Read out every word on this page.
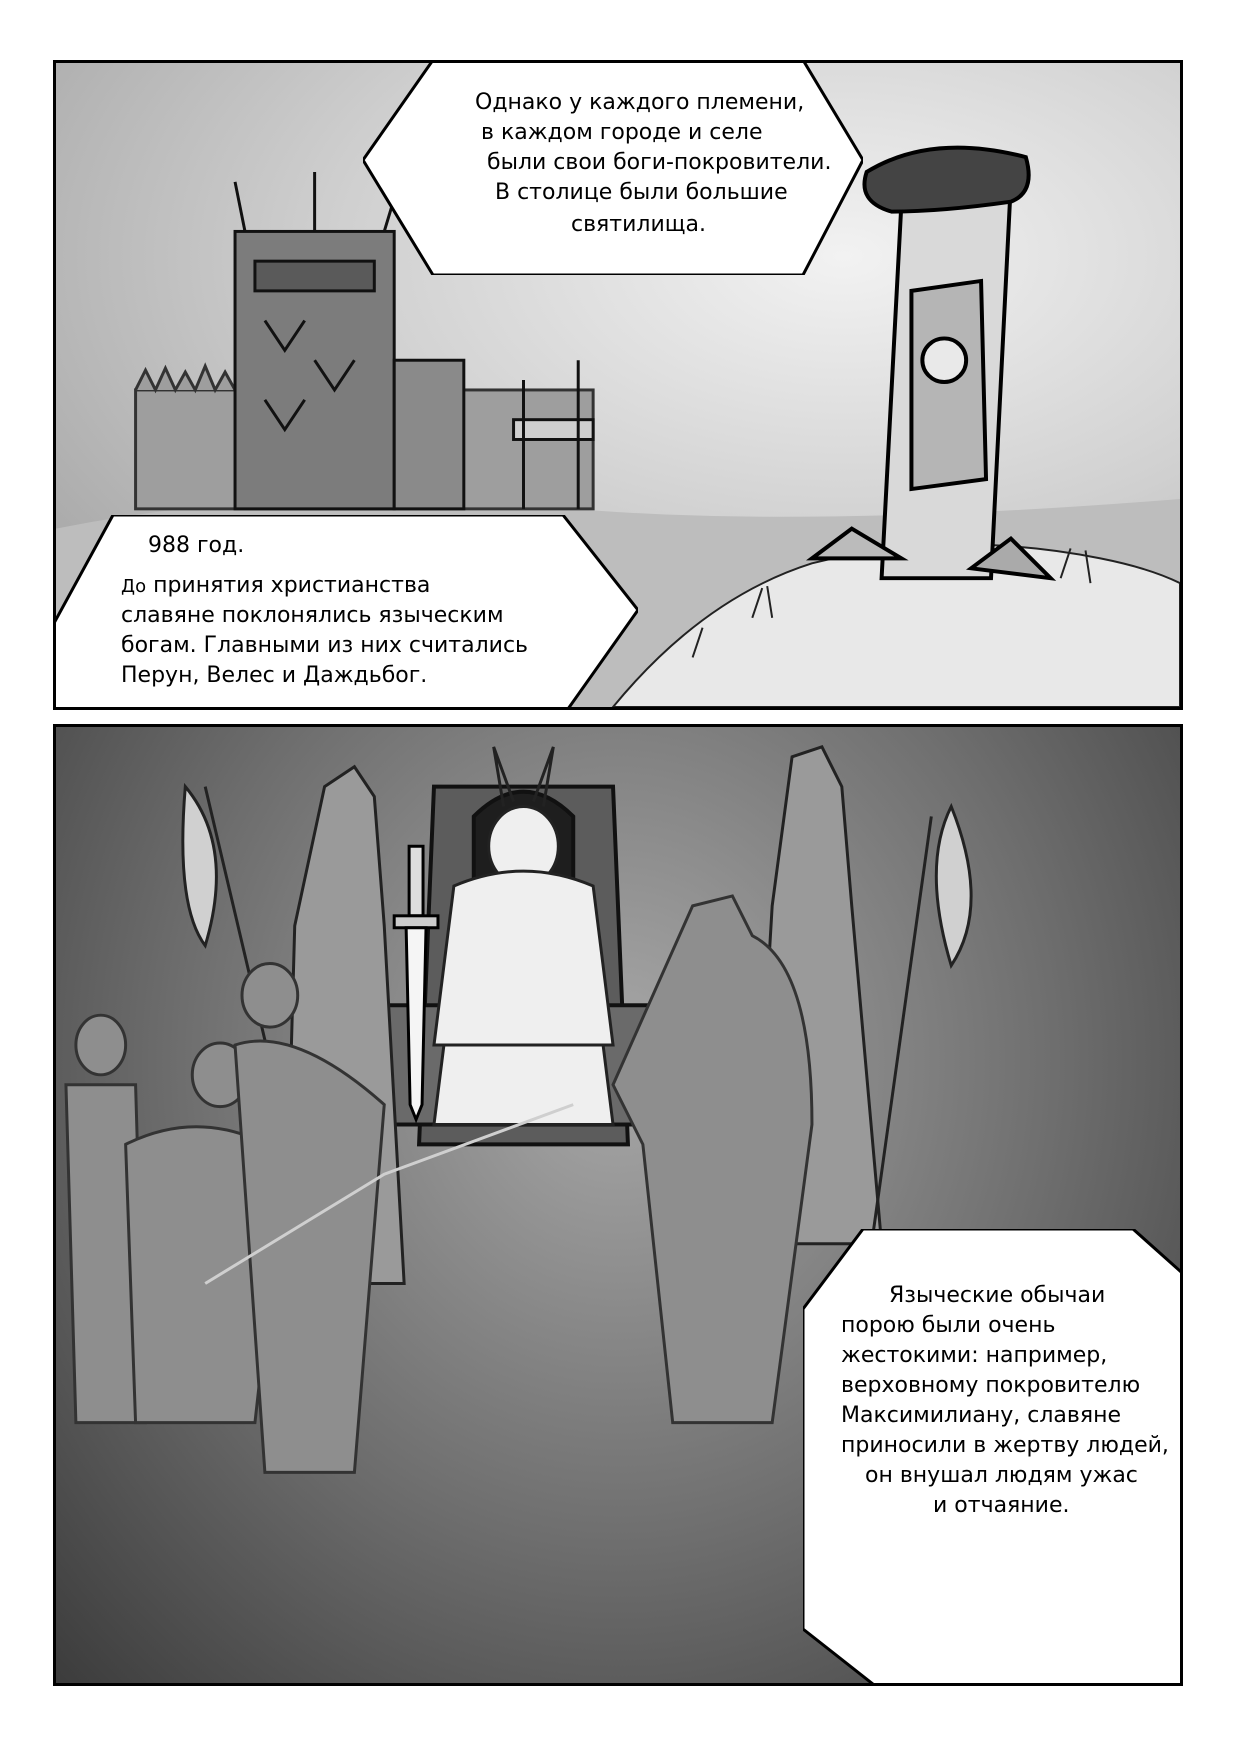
Однако у каждого племени,
в каждом городе и селе
были свои боги-покровители.
В столице были большие
святилища.
988 год.
До принятия христианства
славяне поклонялись языческим
богам. Главными из них считались
Перун, Велес и Даждьбог.
Языческие обычаи
порою были очень
жестокими: например,
верховному покровителю
Максимилиану, славяне
приносили в жертву людей,
он внушал людям ужас
и отчаяние.
